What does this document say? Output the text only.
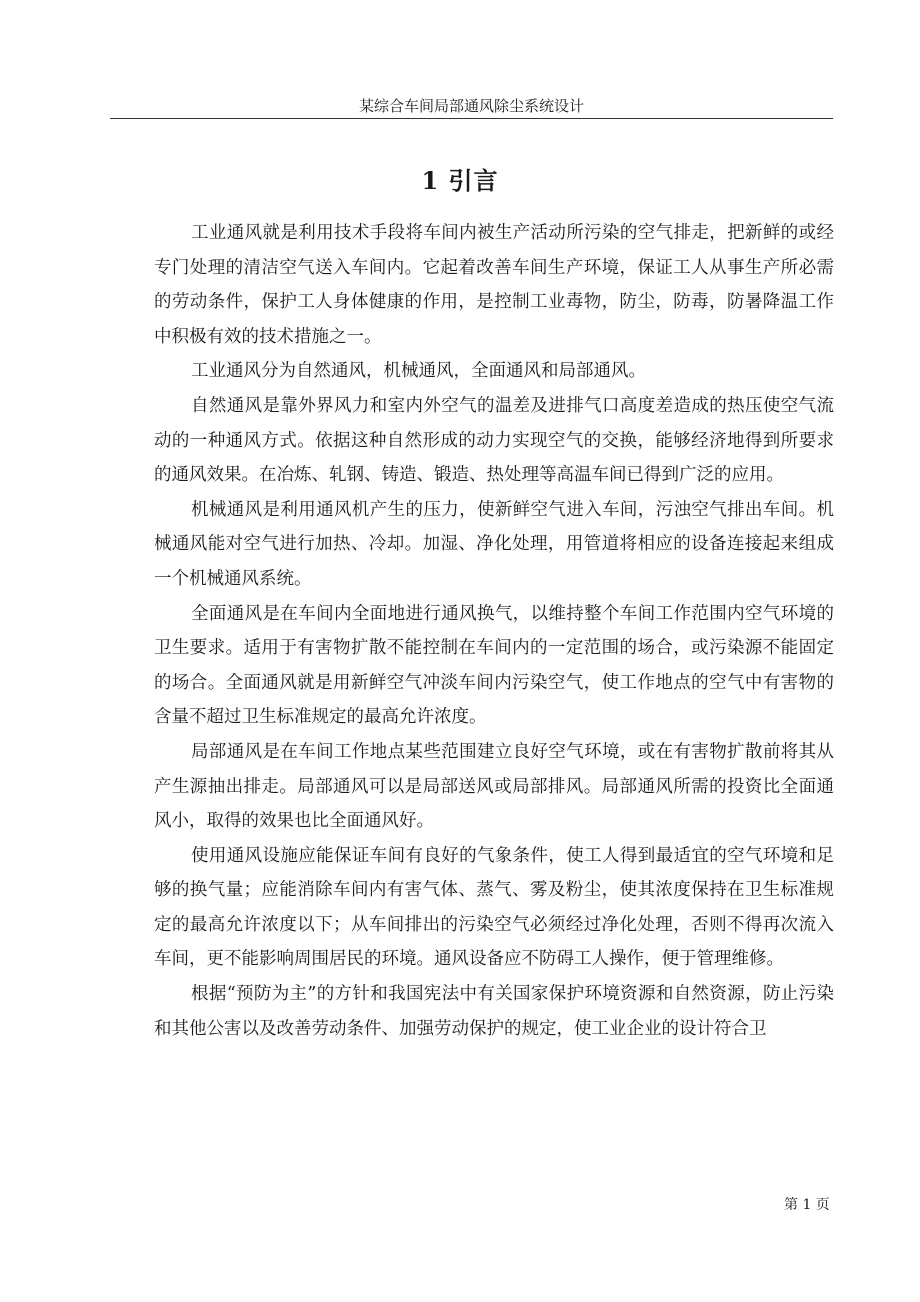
某综合车间局部通风除尘系统设计
1 引言

工业通风就是利用技术手段将车间内被生产活动所污染的空气排走，把新鲜的或经专门处理的清洁空气送入车间内。它起着改善车间生产环境，保证工人从事生产所必需的劳动条件，保护工人身体健康的作用，是控制工业毒物，防尘，防毒，防暑降温工作中积极有效的技术措施之一。

工业通风分为自然通风，机械通风，全面通风和局部通风。

自然通风是靠外界风力和室内外空气的温差及进排气口高度差造成的热压使空气流动的一种通风方式。依据这种自然形成的动力实现空气的交换，能够经济地得到所要求的通风效果。在冶炼、轧钢、铸造、锻造、热处理等高温车间已得到广泛的应用。

机械通风是利用通风机产生的压力，使新鲜空气进入车间，污浊空气排出车间。机械通风能对空气进行加热、冷却。加湿、净化处理，用管道将相应的设备连接起来组成一个机械通风系统。

全面通风是在车间内全面地进行通风换气，以维持整个车间工作范围内空气环境的卫生要求。适用于有害物扩散不能控制在车间内的一定范围的场合，或污染源不能固定的场合。全面通风就是用新鲜空气冲淡车间内污染空气，使工作地点的空气中有害物的含量不超过卫生标准规定的最高允许浓度。

局部通风是在车间工作地点某些范围建立良好空气环境，或在有害物扩散前将其从产生源抽出排走。局部通风可以是局部送风或局部排风。局部通风所需的投资比全面通风小，取得的效果也比全面通风好。

使用通风设施应能保证车间有良好的气象条件，使工人得到最适宜的空气环境和足够的换气量；应能消除车间内有害气体、蒸气、雾及粉尘，使其浓度保持在卫生标准规定的最高允许浓度以下；从车间排出的污染空气必须经过净化处理，否则不得再次流入车间，更不能影响周围居民的环境。通风设备应不防碍工人操作，便于管理维修。

根据“预防为主”的方针和我国宪法中有关国家保护环境资源和自然资源，防止污染和其他公害以及改善劳动条件、加强劳动保护的规定，使工业企业的设计符合卫

第 1 页
